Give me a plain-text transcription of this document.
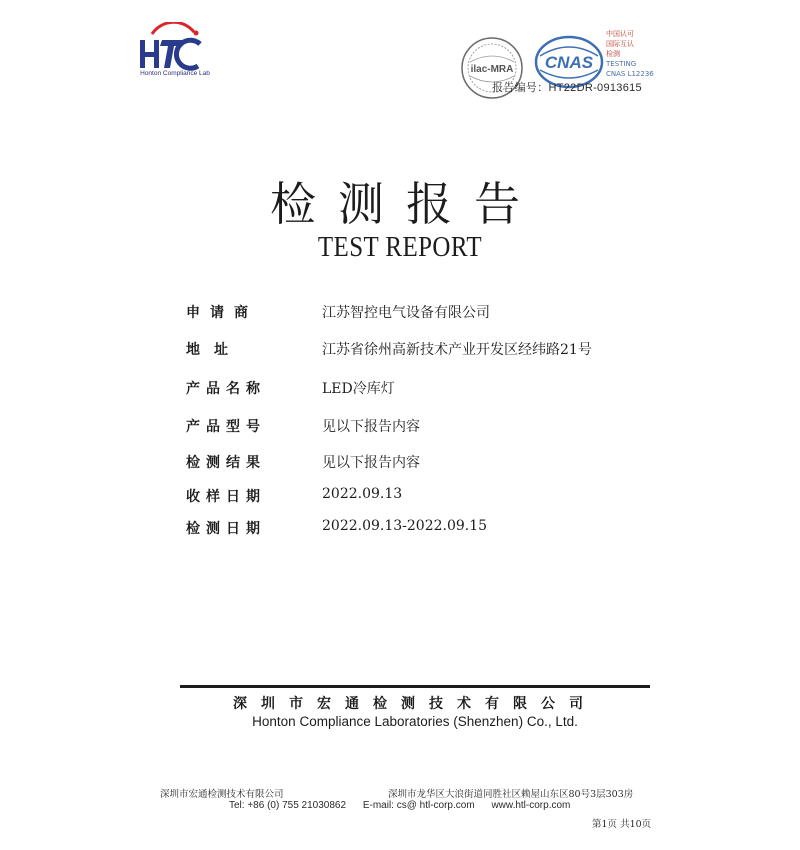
Honton Compliance Lab	ilac-MRA CNAS
中国认可
国际互认
检测
TESTING
CNAS L12236
报告编号：HT22DR-0913615
检测报告
TEST REPORT
申请商	江苏智控电气设备有限公司
地址	江苏省徐州高新技术产业开发区经纬路21号
产品名称	LED冷库灯
产品型号	见以下报告内容
检测结果	见以下报告内容
收样日期	2022.09.13
检测日期	2022.09.13-2022.09.15
深圳市宏通检测技术有限公司
Honton Compliance Laboratories (Shenzhen) Co., Ltd.
深圳市宏通检测技术有限公司	深圳市龙华区大浪街道同胜社区赖屋山东区80号3层303房
Tel: +86 (0) 755 21030862 E-mail: cs@ htl-corp.com www.htl-corp.com
第1页 共10页
